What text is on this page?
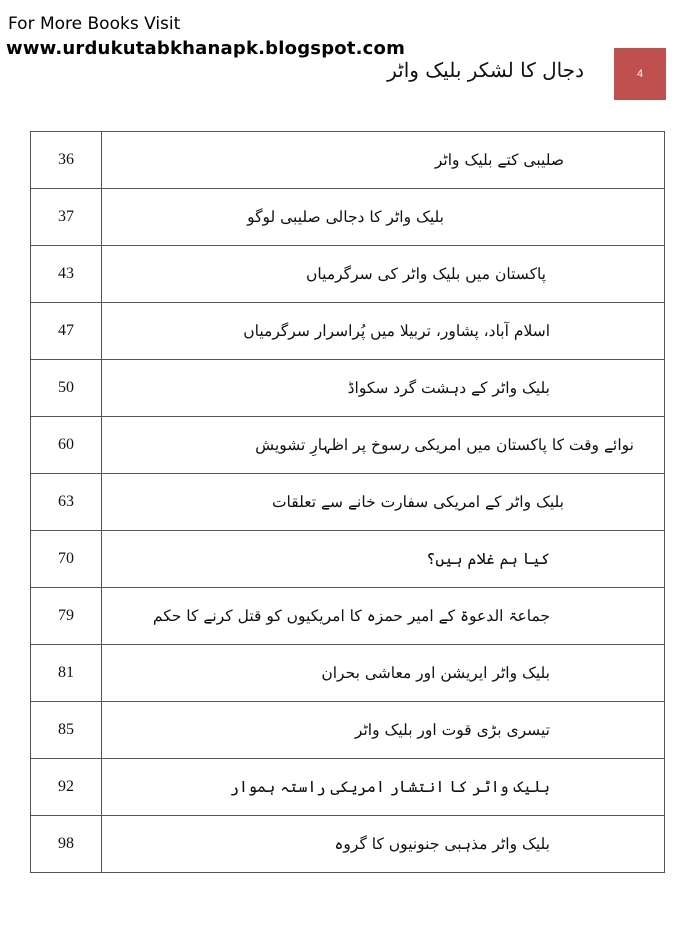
For More Books Visit
www.urdukutabkhanapk.blogspot.com
دجال کا لشکر بلیک واٹر	4
36	صلیبی کتے بلیک واٹر
37	بلیک واٹر کا دجالی صلیبی لوگو
43	پاکستان میں بلیک واٹر کی سرگرمیاں
47	اسلام آباد، پشاور، تربیلا میں پُراسرار سرگرمیاں
50	بلیک واٹر کے دہشت گرد سکواڈ
60	نوائے وقت کا پاکستان میں امریکی رسوخ پر اظہارِ تشویش
63	بلیک واٹر کے امریکی سفارت خانے سے تعلقات
70	کیا ہم غلام ہیں؟
79	جماعۃ الدعوۃ کے امیر حمزہ کا امریکیوں کو قتل کرنے کا حکم
81	بلیک واٹر ایریشن اور معاشی بحران
85	تیسری بڑی قوت اور بلیک واٹر
92	بلیک واٹر کا انتشار امریکی راستہ ہموار
98	بلیک واٹر مذہبی جنونیوں کا گروہ
